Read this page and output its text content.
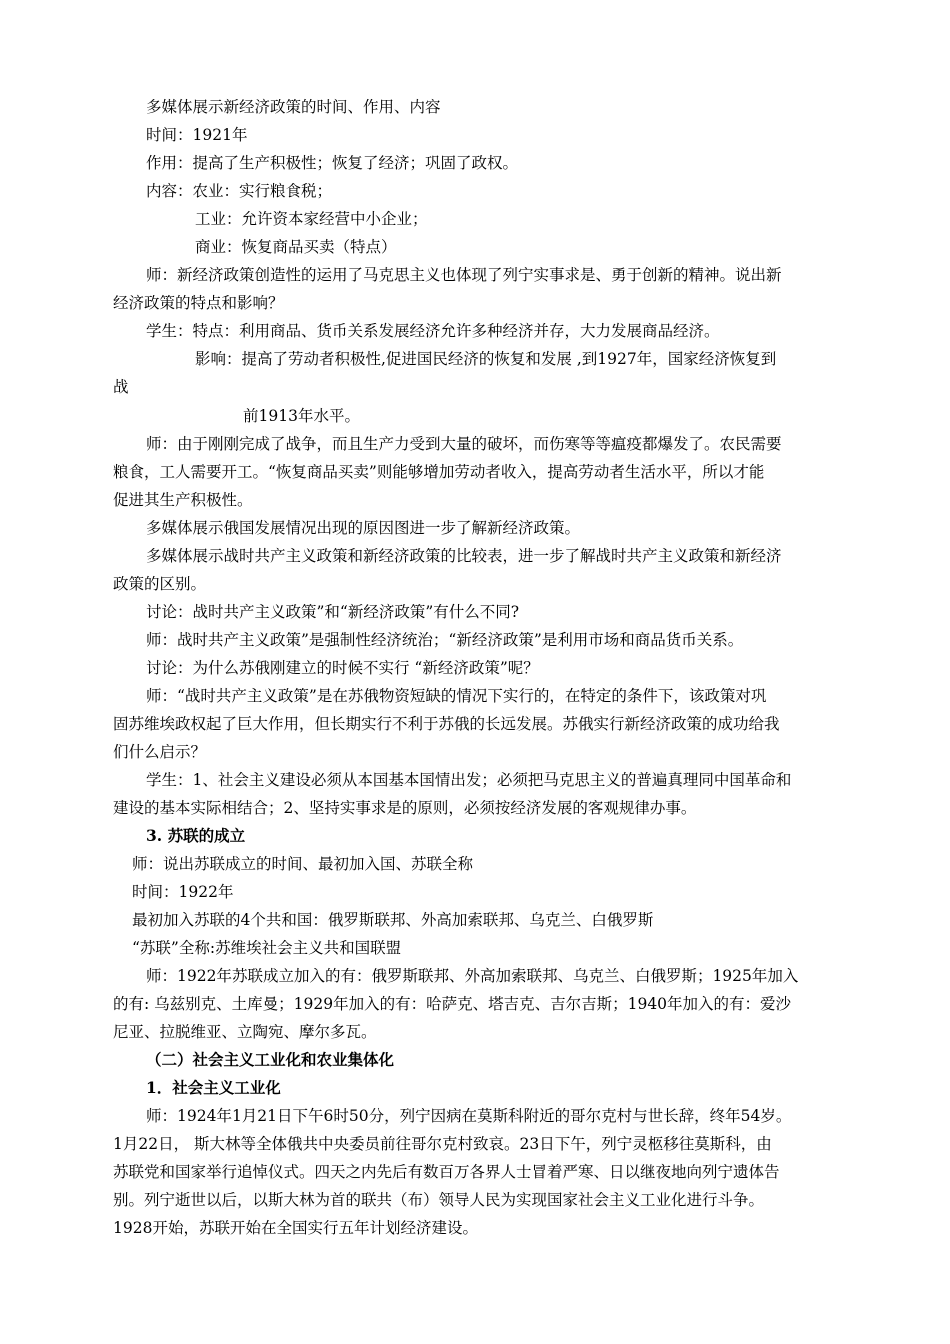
多媒体展示新经济政策的时间、作用、内容
时间：1921年
作用：提高了生产积极性；恢复了经济；巩固了政权。
内容：农业：实行粮食税；
工业：允许资本家经营中小企业；
商业：恢复商品买卖（特点）
师：新经济政策创造性的运用了马克思主义也体现了列宁实事求是、勇于创新的精神。说出新
经济政策的特点和影响？
学生：特点：利用商品、货币关系发展经济允许多种经济并存，大力发展商品经济。
影响：提高了劳动者积极性,促进国民经济的恢复和发展 ,到1927年，国家经济恢复到
战
前1913年水平。
师：由于刚刚完成了战争，而且生产力受到大量的破坏，而伤寒等等瘟疫都爆发了。农民需要
粮食，工人需要开工。“恢复商品买卖”则能够增加劳动者收入，提高劳动者生活水平，所以才能
促进其生产积极性。
多媒体展示俄国发展情况出现的原因图进一步了解新经济政策。
多媒体展示战时共产主义政策和新经济政策的比较表，进一步了解战时共产主义政策和新经济
政策的区别。
讨论：战时共产主义政策”和“新经济政策”有什么不同?
师：战时共产主义政策”是强制性经济统治；“新经济政策”是利用市场和商品货币关系。
讨论：为什么苏俄刚建立的时候不实行 “新经济政策”呢？
师：“战时共产主义政策”是在苏俄物资短缺的情况下实行的，在特定的条件下，该政策对巩
固苏维埃政权起了巨大作用，但长期实行不利于苏俄的长远发展。苏俄实行新经济政策的成功给我
们什么启示？
学生：1、社会主义建设必须从本国基本国情出发；必须把马克思主义的普遍真理同中国革命和
建设的基本实际相结合；2、坚持实事求是的原则，必须按经济发展的客观规律办事。
3. 苏联的成立
师：说出苏联成立的时间、最初加入国、苏联全称
时间：1922年
最初加入苏联的4个共和国：俄罗斯联邦、外高加索联邦、乌克兰、白俄罗斯
“苏联”全称:苏维埃社会主义共和国联盟
师：1922年苏联成立加入的有：俄罗斯联邦、外高加索联邦、乌克兰、白俄罗斯；1925年加入
的有: 乌兹别克、土库曼；1929年加入的有：哈萨克、塔吉克、吉尔吉斯；1940年加入的有：爱沙
尼亚、拉脱维亚、立陶宛、摩尔多瓦。
（二）社会主义工业化和农业集体化
1．社会主义工业化
师：1924年1月21日下午6时50分，列宁因病在莫斯科附近的哥尔克村与世长辞，终年54岁。
1月22日， 斯大林等全体俄共中央委员前往哥尔克村致哀。23日下午，列宁灵柩移往莫斯科，由
苏联党和国家举行追悼仪式。四天之内先后有数百万各界人士冒着严寒、日以继夜地向列宁遗体告
别。列宁逝世以后，以斯大林为首的联共（布）领导人民为实现国家社会主义工业化进行斗争。
1928开始，苏联开始在全国实行五年计划经济建设。
